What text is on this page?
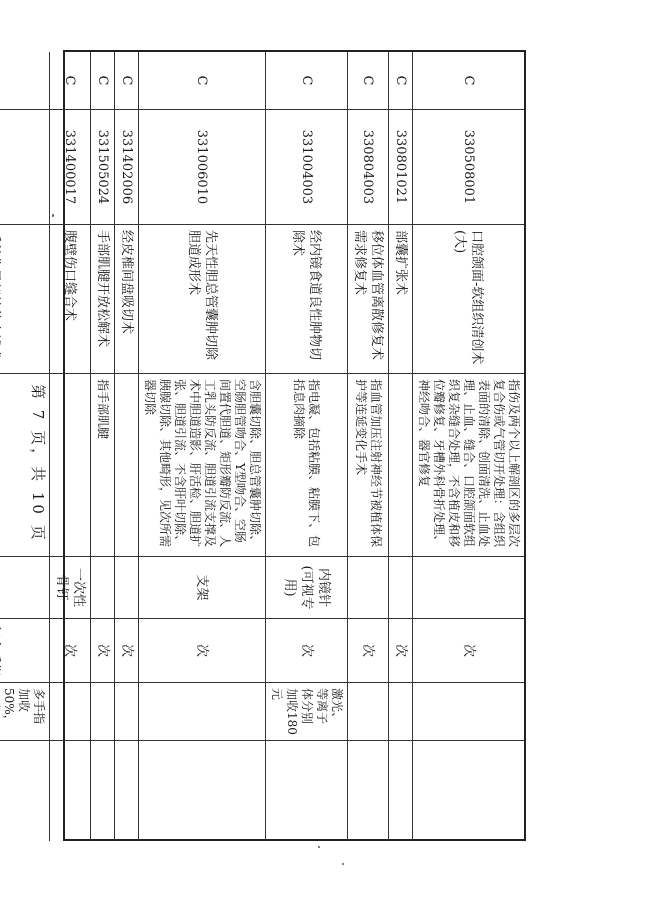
C
330508001
口腔颌面-软组织清创术(大)
指伤及两个以上解剖区的多层次复合伤或气管切开处理：含组织表面的清除、创面清洗、止血处理、止血、缝合、口腔颌面软组织复杂缝合处理，不含植皮和移位瓣修复、牙槽外科骨折处理、神经吻合、器官修复
次
C
330801021
部囊扩张术
次
C
330804003
移位体血管离散修复术需求修复术
指血管加压注射神经节被植体保护等连延变化手术
次
C
331004003
经内镜食道良性肿物切除术
指电凝、包括粘膜、粘膜下、包括息肉摘除
内镜针(可视专用)
次
激光、等离子体分别加收180元
C
331006010
先天性胆总管囊肿切除胆道成形术
含胆囊切除、胆总管囊肿切除、空肠胆管吻合、Y型吻合、空肠间置代胆道、矩形瓣防反流、人工乳头防反流、胆道引流支撑及术中胆道造影、肝活检、胆道扩张、胆道引流、不含肝叶切除、胰腺切除、其他畸形，见次所需器切除
支架
次
C
331402006
经皮椎间盘吸切术
次
C
331505024
手部肌腱开放松解术
指手部肌腱
次
C
331400017
腹壁伤口缝合术
一次性骨钉
次
多手指加收50%，
第 7 页，共 10 页
